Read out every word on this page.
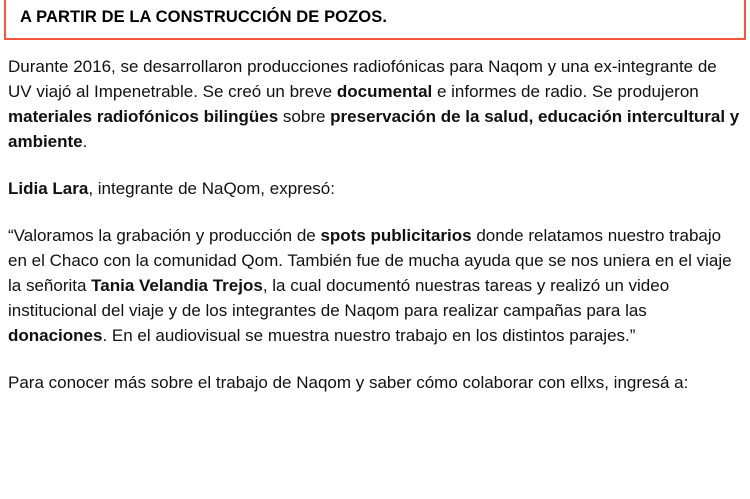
A PARTIR DE LA CONSTRUCCIÓN DE POZOS.

Durante 2016, se desarrollaron producciones radiofónicas para Naqom y una ex-integrante de UV viajó al Impenetrable. Se creó un breve documental e informes de radio. Se produjeron materiales radiofónicos bilingües sobre preservación de la salud, educación intercultural y ambiente.

Lidia Lara, integrante de NaQom, expresó:

“Valoramos la grabación y producción de spots publicitarios donde relatamos nuestro trabajo en el Chaco con la comunidad Qom. También fue de mucha ayuda que se nos uniera en el viaje la señorita Tania Velandia Trejos, la cual documentó nuestras tareas y realizó un video institucional del viaje y de los integrantes de Naqom para realizar campañas para las donaciones. En el audiovisual se muestra nuestro trabajo en los distintos parajes.”

Para conocer más sobre el trabajo de Naqom y saber cómo colaborar con ellxs, ingresá a:
